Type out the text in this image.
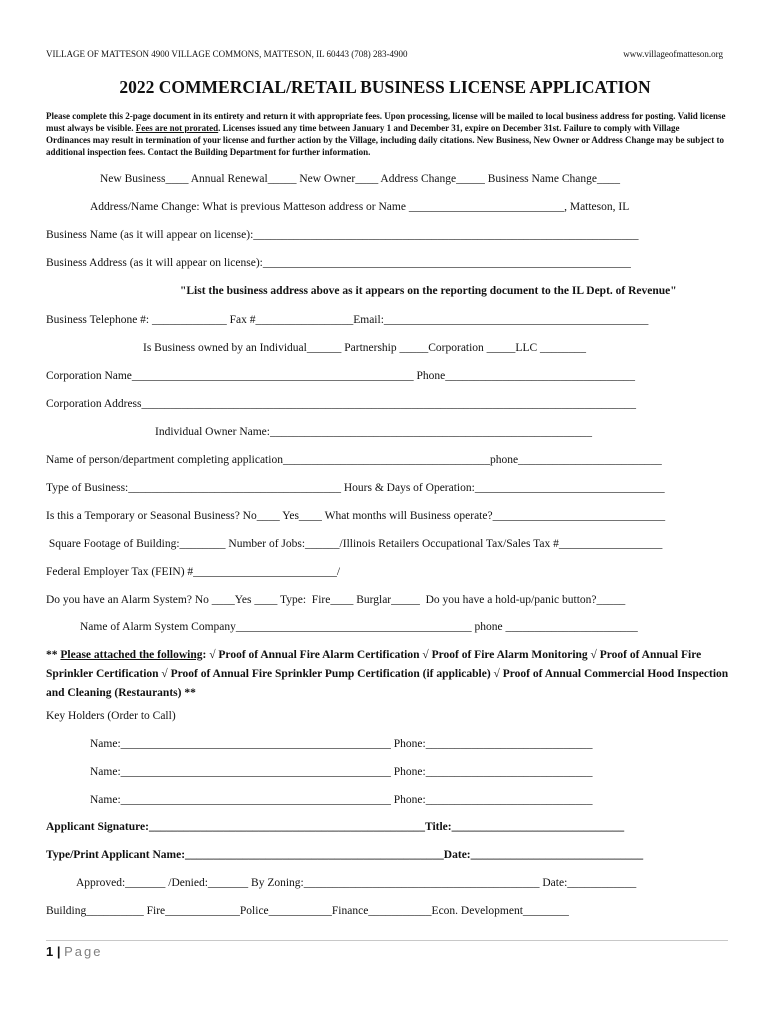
VILLAGE OF MATTESON 4900 VILLAGE COMMONS, MATTESON, IL 60443 (708) 283-4900	www.villageofmatteson.org
2022 COMMERCIAL/RETAIL BUSINESS LICENSE APPLICATION
Please complete this 2-page document in its entirety and return it with appropriate fees. Upon processing, license will be mailed to local business address for posting. Valid license must always be visible. Fees are not prorated. Licenses issued any time between January 1 and December 31, expire on December 31st. Failure to comply with Village Ordinances may result in termination of your license and further action by the Village, including daily citations. New Business, New Owner or Address Change may be subject to additional inspection fees. Contact the Building Department for further information.
New Business____ Annual Renewal_____ New Owner____ Address Change_____ Business Name Change____
Address/Name Change: What is previous Matteson address or Name ___________________________, Matteson, IL
Business Name (as it will appear on license):___________________________________________________________________
Business Address (as it will appear on license):________________________________________________________________
"List the business address above as it appears on the reporting document to the IL Dept. of Revenue"
Business Telephone #: _____________ Fax #_________________Email:______________________________________________
Is Business owned by an Individual______ Partnership _____Corporation _____LLC ________
Corporation Name_________________________________________________ Phone_________________________________
Corporation Address______________________________________________________________________________________
Individual Owner Name:________________________________________________________
Name of person/department completing application____________________________________phone_________________________
Type of Business:_____________________________________ Hours & Days of Operation:_________________________________
Is this a Temporary or Seasonal Business? No____ Yes____ What months will Business operate?______________________________
Square Footage of Building:________ Number of Jobs:______/Illinois Retailers Occupational Tax/Sales Tax #__________________
Federal Employer Tax (FEIN) #_________________________/
Do you have an Alarm System? No ____Yes ____ Type:  Fire____ Burglar_____  Do you have a hold-up/panic button?_____
Name of Alarm System Company_________________________________________ phone _______________________
** Please attached the following: √ Proof of Annual Fire Alarm Certification √ Proof of Fire Alarm Monitoring √ Proof of Annual Fire Sprinkler Certification √ Proof of Annual Fire Sprinkler Pump Certification (if applicable) √ Proof of Annual Commercial Hood Inspection and Cleaning (Restaurants) **
Key Holders (Order to Call)
Name:_______________________________________________ Phone:_____________________________
Name:_______________________________________________ Phone:_____________________________
Name:_______________________________________________ Phone:_____________________________
Applicant Signature:________________________________________________Title:______________________________
Type/Print Applicant Name:_____________________________________________Date:______________________________
Approved:_______ /Denied:_______ By Zoning:_________________________________________ Date:____________
Building__________ Fire_____________Police___________Finance___________Econ. Development________
1 | Page
